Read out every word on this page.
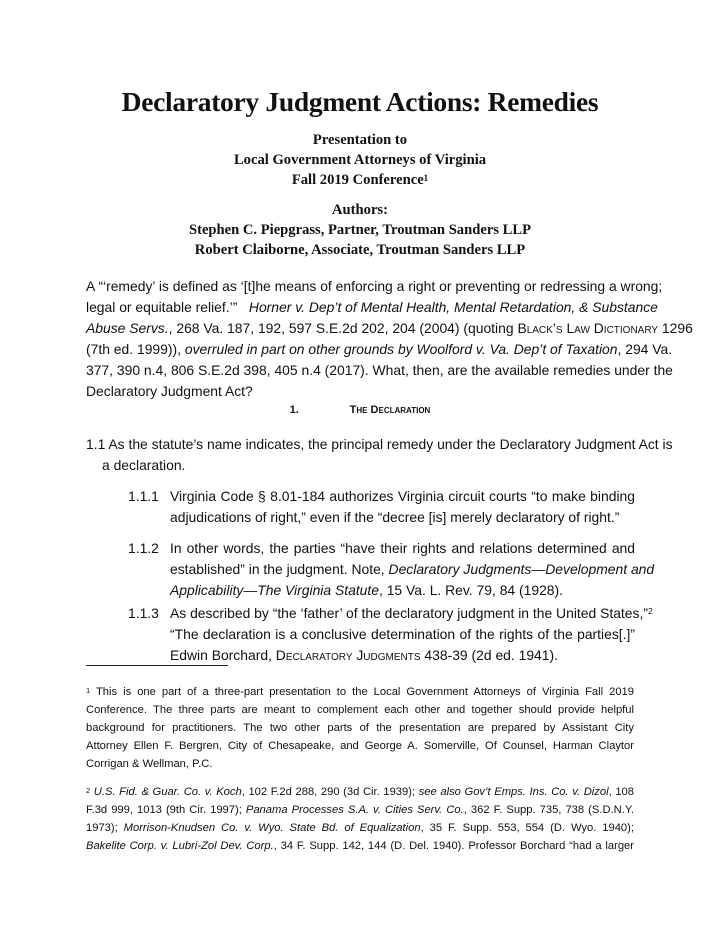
Declaratory Judgment Actions: Remedies
Presentation to
Local Government Attorneys of Virginia
Fall 2019 Conference$^1$
Authors:
Stephen C. Piepgrass, Partner, Troutman Sanders LLP
Robert Claiborne, Associate, Troutman Sanders LLP
A “‘remedy’ is defined as ‘[t]he means of enforcing a right or preventing or redressing a wrong;
legal or equitable relief.’” Horner v. Dep’t of Mental Health, Mental Retardation, & Substance
Abuse Servs., 268 Va. 187, 192, 597 S.E.2d 202, 204 (2004) (quoting Black’s Law Dictionary 1296
(7th ed. 1999)), overruled in part on other grounds by Woolford v. Va. Dep’t of Taxation, 294 Va.
377, 390 n.4, 806 S.E.2d 398, 405 n.4 (2017). What, then, are the available remedies under the
Declaratory Judgment Act?
1.	The Declaration
1.1 As the statute’s name indicates, the principal remedy under the Declaratory Judgment Act is
a declaration.
1.1.1 Virginia Code § 8.01-184 authorizes Virginia circuit courts “to make binding
adjudications of right,” even if the “decree [is] merely declaratory of right.”
1.1.2 In other words, the parties “have their rights and relations determined and
established” in the judgment. Note, Declaratory Judgments—Development and
Applicability—The Virginia Statute, 15 Va. L. Rev. 79, 84 (1928).
1.1.3 As described by “the ‘father’ of the declaratory judgment in the United States,”$^2$
“The declaration is a conclusive determination of the rights of the parties[.]”
Edwin Borchard, Declaratory Judgments 438-39 (2d ed. 1941).
$^1$ This is one part of a three-part presentation to the Local Government Attorneys of Virginia Fall 2019
Conference. The three parts are meant to complement each other and together should provide helpful
background for practitioners. The two other parts of the presentation are prepared by Assistant City
Attorney Ellen F. Bergren, City of Chesapeake, and George A. Somerville, Of Counsel, Harman Claytor
Corrigan & Wellman, P.C.
$^2$ U.S. Fid. & Guar. Co. v. Koch, 102 F.2d 288, 290 (3d Cir. 1939); see also Gov’t Emps. Ins. Co. v. Dizol, 108
F.3d 999, 1013 (9th Cir. 1997); Panama Processes S.A. v. Cities Serv. Co., 362 F. Supp. 735, 738 (S.D.N.Y.
1973); Morrison-Knudsen Co. v. Wyo. State Bd. of Equalization, 35 F. Supp. 553, 554 (D. Wyo. 1940);
Bakelite Corp. v. Lubri-Zol Dev. Corp., 34 F. Supp. 142, 144 (D. Del. 1940). Professor Borchard “had a larger
